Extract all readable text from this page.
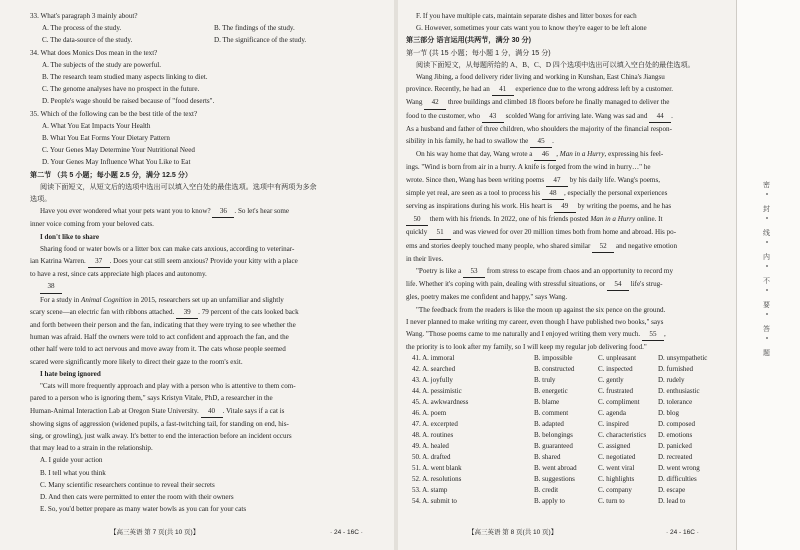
33. What's paragraph 3 mainly about?
A. The process of the study.	B. The findings of the study.
C. The data-source of the study.	D. The significance of the study.
34. What does Monics Dos mean in the text?
A. The subjects of the study are powerful.
B. The research team studied many aspects linking to diet.
C. The genome analyses have no prospect in the future.
D. People's wage should be raised because of "food deserts".
35. Which of the following can be the best title of the text?
A. What You Eat Impacts Your Health
B. What You Eat Forms Your Dietary Pattern
C. Your Genes May Determine Your Nutritional Need
D. Your Genes May Influence What You Like to Eat
第二节 （共 5 小题；每小题 2.5 分，满分 12.5 分）
阅读下面短文，从短文后的选项中选出可以填入空白处的最佳选项。选项中有两项为多余
选项。
Have you ever wondered what your pets want you to know? 36 . So let's hear some
inner voice coming from your beloved cats.
I don't like to share
Sharing food or water bowls or a litter box can make cats anxious, according to veterinar-
ian Katrina Warren. 37 . Does your cat still seem anxious? Provide your kitty with a place
to have a rest, since cats appreciate high places and autonomy.
38
For a study in Animal Cognition in 2015, researchers set up an unfamiliar and slightly
scary scene—an electric fan with ribbons attached. 39 . 79 percent of the cats looked back
and forth between their person and the fan, indicating that they were trying to see whether the
human was afraid. Half the owners were told to act confident and approach the fan, and the
other half were told to act nervous and move away from it. The cats whose people seemed
scared were significantly more likely to direct their gaze to the room's exit.
I hate being ignored
"Cats will more frequently approach and play with a person who is attentive to them com-
pared to a person who is ignoring them," says Kristyn Vitale, PhD, a researcher in the
Human-Animal Interaction Lab at Oregon State University. 40 . Vitale says if a cat is
showing signs of aggression (widened pupils, a fast-twitching tail, for standing on end, his-
sing, or growling), just walk away. It's better to end the interaction before an incident occurs
that may lead to a strain in the relationship.
A. I guide your action
B. I tell what you think
C. Many scientific researchers continue to reveal their secrets
D. And then cats were permitted to enter the room with their owners
E. So, you'd better prepare as many water bowls as you can for your cats
【高三英语 第 7 页(共 10 页)】	· 24 - 16C ·
F. If you have multiple cats, maintain separate dishes and litter boxes for each
G. However, sometimes your cats want you to know they're eager to be left alone
第三部分 语言运用(共两节，满分 30 分)
第一节 (共 15 小题；每小题 1 分，满分 15 分)
阅读下面短文，从每题所给的 A、B、C、D 四个选项中选出可以填入空白处的最佳选项。
Wang Jibing, a food delivery rider living and working in Kunshan, East China's Jiangsu
province. Recently, he had an 41 experience due to the wrong address left by a customer.
Wang 42 three buildings and climbed 18 floors before he finally managed to deliver the
food to the customer, who 43 scolded Wang for arriving late. Wang was sad and 44 .
As a husband and father of three children, who shoulders the majority of the financial respon-
sibility in his family, he had to swallow the 45 .
On his way home that day, Wang wrote a 46 , Man in a Hurry, expressing his feel-
ings. "Wind is born from air in a hurry. A knife is forged from the wind in hurry…" he
wrote. Since then, Wang has been writing poems 47 by his daily life. Wang's poems,
simple yet real, are seen as a tool to process his 48 , especially the personal experiences
serving as inspirations during his work. His heart is 49 by writing the poems, and he has
50 them with his friends. In 2022, one of his friends posted Man in a Hurry online. It
quickly 51 and was viewed for over 20 million times both from home and abroad. His po-
ems and stories deeply touched many people, who shared similar 52 and negative emotion
in their lives.
"Poetry is like a 53 from stress to escape from chaos and an opportunity to record my
life. Whether it's coping with pain, dealing with stressful situations, or 54 life's strug-
gles, poetry makes me confident and happy," says Wang.
"The feedback from the readers is like the moon up against the six pence on the ground.
I never planned to make writing my career, even though I have published two books," says
Wang. "Those poems came to me naturally and I enjoyed writing them very much. 55 ,
the priority is to look after my family, so I will keep my regular job delivering food."
41. A. immoral	B. impossible	C. unpleasant	D. unsympathetic
42. A. searched	B. constructed	C. inspected	D. furnished
43. A. joyfully	B. truly	C. gently	D. rudely
44. A. pessimistic	B. energetic	C. frustrated	D. enthusiastic
45. A. awkwardness	B. blame	C. compliment	D. tolerance
46. A. poem	B. comment	C. agenda	D. blog
47. A. excerpted	B. adapted	C. inspired	D. composed
48. A. routines	B. belongings	C. characteristics	D. emotions
49. A. healed	B. guaranteed	C. assigned	D. panicked
50. A. drafted	B. shared	C. negotiated	D. recreated
51. A. went blank	B. went abroad	C. went viral	D. went wrong
52. A. resolutions	B. suggestions	C. highlights	D. difficulties
53. A. stamp	B. credit	C. company	D. escape
54. A. submit to	B. apply to	C. turn to	D. lead to
【高三英语 第 8 页(共 10 页)】	· 24 - 16C ·
密
封
线
内
不
要
答
题
